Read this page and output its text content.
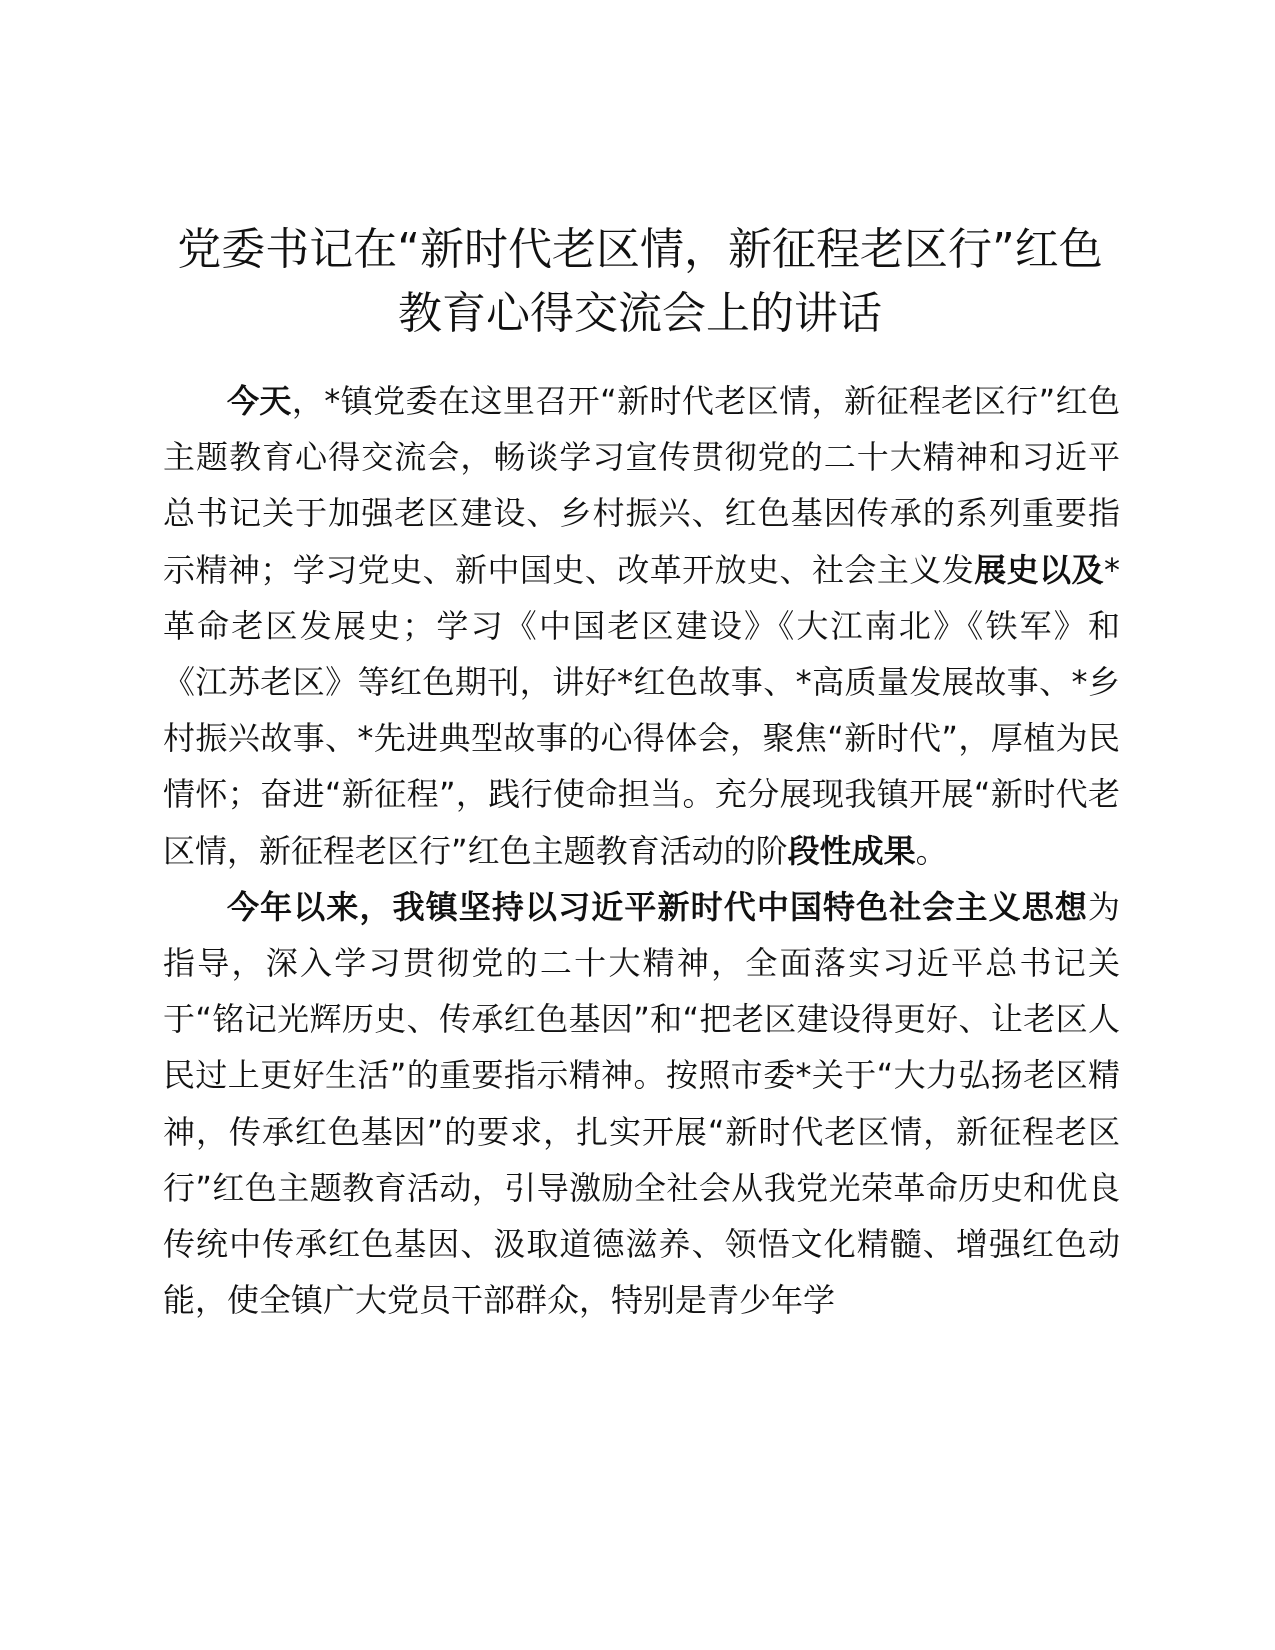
党委书记在“新时代老区情，新征程老区行”红色教育心得交流会上的讲话

今天，*镇党委在这里召开“新时代老区情，新征程老区行”红色主题教育心得交流会，畅谈学习宣传贯彻党的二十大精神和习近平总书记关于加强老区建设、乡村振兴、红色基因传承的系列重要指示精神；学习党史、新中国史、改革开放史、社会主义发展史以及*革命老区发展史；学习《中国老区建设》《大江南北》《铁军》和《江苏老区》等红色期刊，讲好*红色故事、*高质量发展故事、*乡村振兴故事、*先进典型故事的心得体会，聚焦“新时代”，厚植为民情怀；奋进“新征程”，践行使命担当。充分展现我镇开展“新时代老区情，新征程老区行”红色主题教育活动的阶段性成果。

今年以来，我镇坚持以习近平新时代中国特色社会主义思想为指导，深入学习贯彻党的二十大精神，全面落实习近平总书记关于“铭记光辉历史、传承红色基因”和“把老区建设得更好、让老区人民过上更好生活”的重要指示精神。按照市委*关于“大力弘扬老区精神，传承红色基因”的要求，扎实开展“新时代老区情，新征程老区行”红色主题教育活动，引导激励全社会从我党光荣革命历史和优良传统中传承红色基因、汲取道德滋养、领悟文化精髓、增强红色动能，使全镇广大党员干部群众，特别是青少年学
